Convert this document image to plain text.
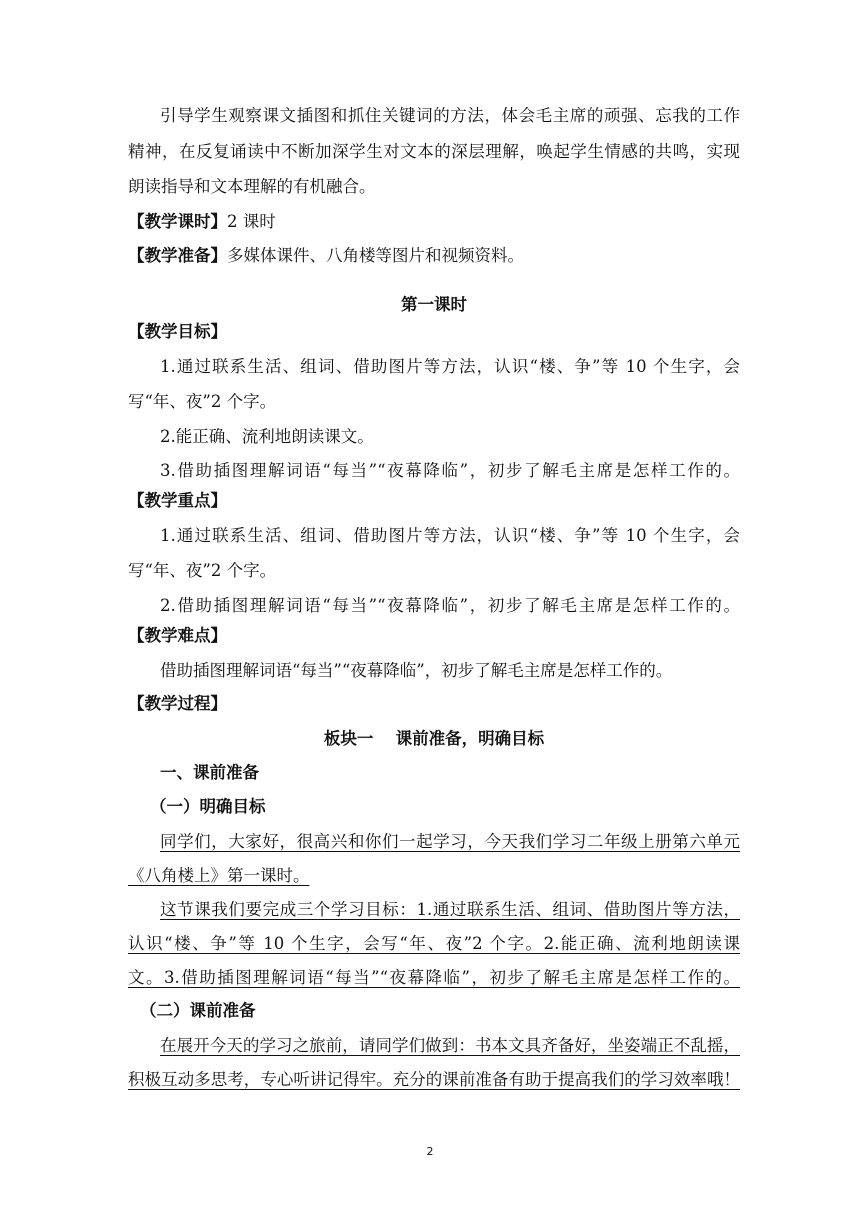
引导学生观察课文插图和抓住关键词的方法，体会毛主席的顽强、忘我的工作
精神，在反复诵读中不断加深学生对文本的深层理解，唤起学生情感的共鸣，实现
朗读指导和文本理解的有机融合。
【教学课时】2 课时
【教学准备】多媒体课件、八角楼等图片和视频资料。
第一课时
【教学目标】
1.通过联系生活、组词、借助图片等方法，认识“楼、争”等 10 个生字，会
写“年、夜”2 个字。
2.能正确、流利地朗读课文。
3.借助插图理解词语“每当”“夜幕降临”，初步了解毛主席是怎样工作的。
【教学重点】
1.通过联系生活、组词、借助图片等方法，认识“楼、争”等 10 个生字，会
写“年、夜”2 个字。
2.借助插图理解词语“每当”“夜幕降临”，初步了解毛主席是怎样工作的。
【教学难点】
借助插图理解词语“每当”“夜幕降临”，初步了解毛主席是怎样工作的。
【教学过程】
板块一　 课前准备，明确目标
一、课前准备
（一）明确目标
同学们，大家好，很高兴和你们一起学习，今天我们学习二年级上册第六单元
《八角楼上》第一课时。
这节课我们要完成三个学习目标：1.通过联系生活、组词、借助图片等方法，
认识“楼、争”等 10 个生字，会写“年、夜”2 个字。2.能正确、流利地朗读课
文。3.借助插图理解词语“每当”“夜幕降临”，初步了解毛主席是怎样工作的。
（二）课前准备
在展开今天的学习之旅前，请同学们做到：书本文具齐备好，坐姿端正不乱摇，
积极互动多思考，专心听讲记得牢。充分的课前准备有助于提高我们的学习效率哦！
2
